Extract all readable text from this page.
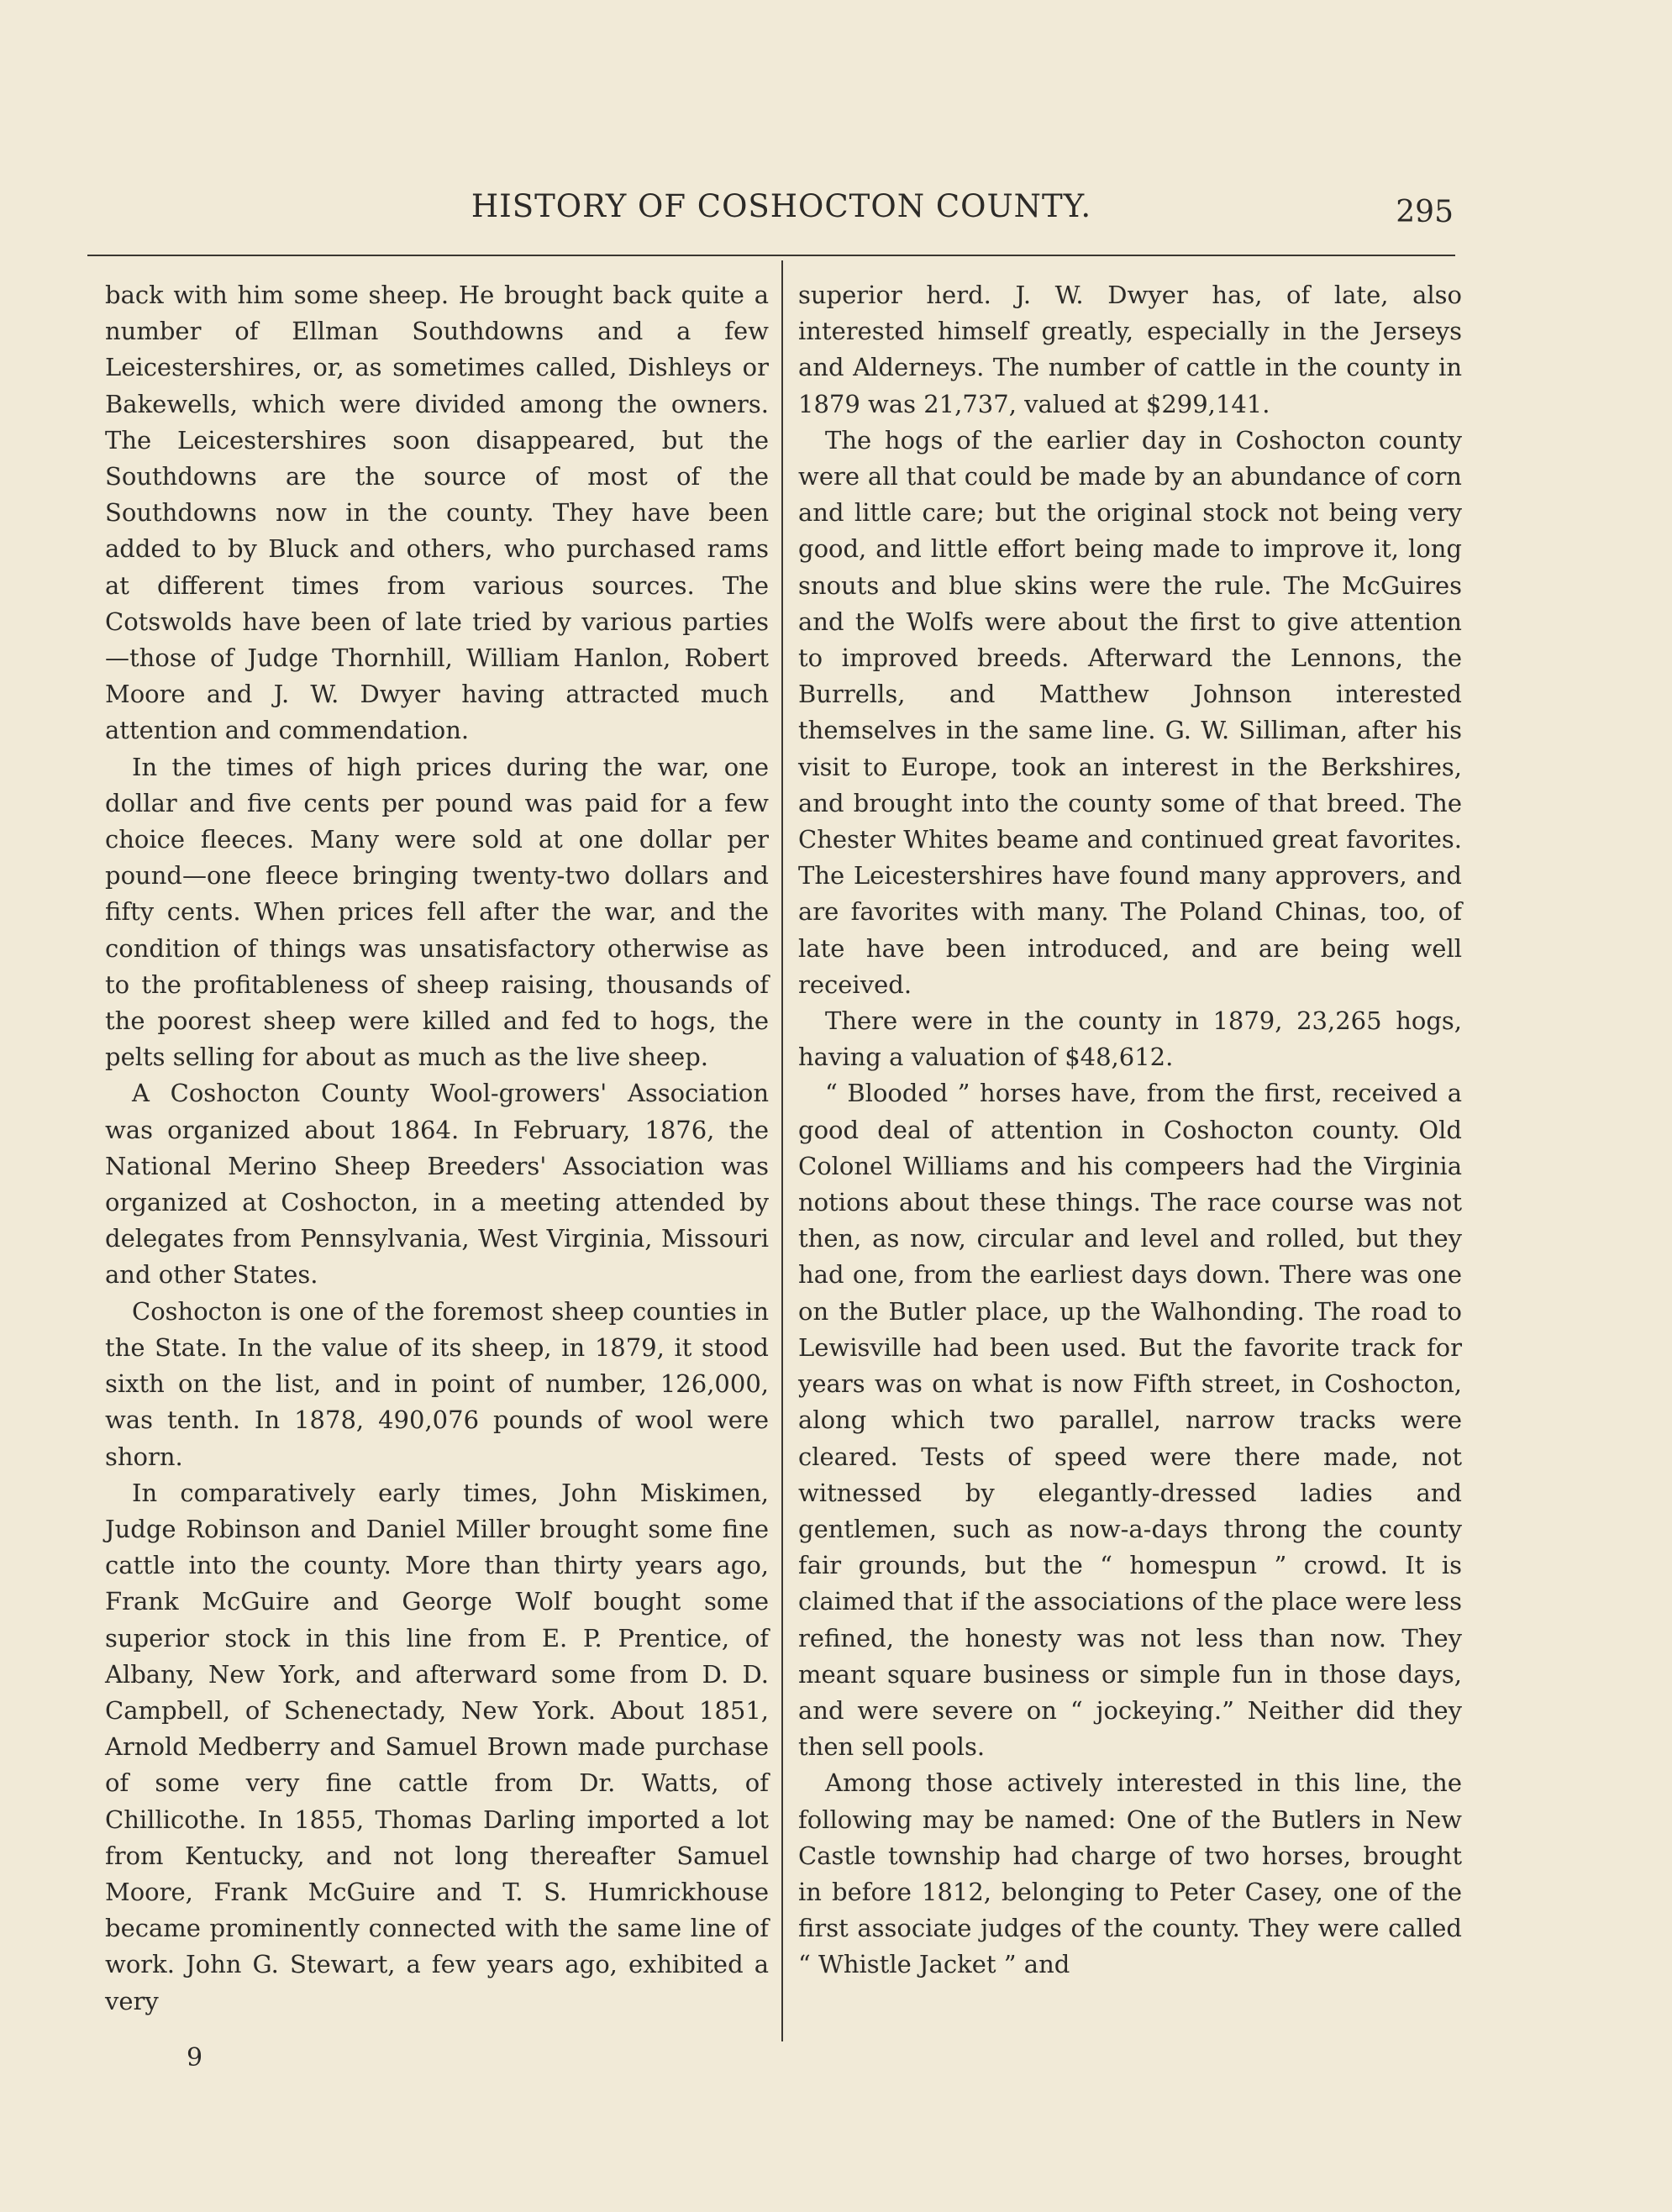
HISTORY OF COSHOCTON COUNTY.	295

back with him some sheep. He brought back quite a number of Ellman Southdowns and a few Leicestershires, or, as sometimes called, Dishleys or Bakewells, which were divided among the owners. The Leicestershires soon disappeared, but the Southdowns are the source of most of the Southdowns now in the county. They have been added to by Bluck and others, who purchased rams at different times from various sources. The Cotswolds have been of late tried by various parties—those of Judge Thornhill, William Hanlon, Robert Moore and J. W. Dwyer having attracted much attention and commendation.

In the times of high prices during the war, one dollar and five cents per pound was paid for a few choice fleeces. Many were sold at one dollar per pound—one fleece bringing twenty-two dollars and fifty cents. When prices fell after the war, and the condition of things was unsatisfactory otherwise as to the profitableness of sheep raising, thousands of the poorest sheep were killed and fed to hogs, the pelts selling for about as much as the live sheep.

A Coshocton County Wool-growers' Association was organized about 1864. In February, 1876, the National Merino Sheep Breeders' Association was organized at Coshocton, in a meeting attended by delegates from Pennsylvania, West Virginia, Missouri and other States.

Coshocton is one of the foremost sheep counties in the State. In the value of its sheep, in 1879, it stood sixth on the list, and in point of number, 126,000, was tenth. In 1878, 490,076 pounds of wool were shorn.

In comparatively early times, John Miskimen, Judge Robinson and Daniel Miller brought some fine cattle into the county. More than thirty years ago, Frank McGuire and George Wolf bought some superior stock in this line from E. P. Prentice, of Albany, New York, and afterward some from D. D. Campbell, of Schenectady, New York. About 1851, Arnold Medberry and Samuel Brown made purchase of some very fine cattle from Dr. Watts, of Chillicothe. In 1855, Thomas Darling imported a lot from Kentucky, and not long thereafter Samuel Moore, Frank McGuire and T. S. Humrickhouse became prominently connected with the same line of work. John G. Stewart, a few years ago, exhibited a very

superior herd. J. W. Dwyer has, of late, also interested himself greatly, especially in the Jerseys and Alderneys. The number of cattle in the county in 1879 was 21,737, valued at $299,141.

The hogs of the earlier day in Coshocton county were all that could be made by an abundance of corn and little care; but the original stock not being very good, and little effort being made to improve it, long snouts and blue skins were the rule. The McGuires and the Wolfs were about the first to give attention to improved breeds. Afterward the Lennons, the Burrells, and Matthew Johnson interested themselves in the same line. G. W. Silliman, after his visit to Europe, took an interest in the Berkshires, and brought into the county some of that breed. The Chester Whites beame and continued great favorites. The Leicestershires have found many approvers, and are favorites with many. The Poland Chinas, too, of late have been introduced, and are being well received.

There were in the county in 1879, 23,265 hogs, having a valuation of $48,612.

“ Blooded ” horses have, from the first, received a good deal of attention in Coshocton county. Old Colonel Williams and his compeers had the Virginia notions about these things. The race course was not then, as now, circular and level and rolled, but they had one, from the earliest days down. There was one on the Butler place, up the Walhonding. The road to Lewisville had been used. But the favorite track for years was on what is now Fifth street, in Coshocton, along which two parallel, narrow tracks were cleared. Tests of speed were there made, not witnessed by elegantly-dressed ladies and gentlemen, such as now-a-days throng the county fair grounds, but the “ homespun ” crowd. It is claimed that if the associations of the place were less refined, the honesty was not less than now. They meant square business or simple fun in those days, and were severe on “ jockeying.” Neither did they then sell pools.

Among those actively interested in this line, the following may be named: One of the Butlers in New Castle township had charge of two horses, brought in before 1812, belonging to Peter Casey, one of the first associate judges of the county. They were called “ Whistle Jacket ” and

9
